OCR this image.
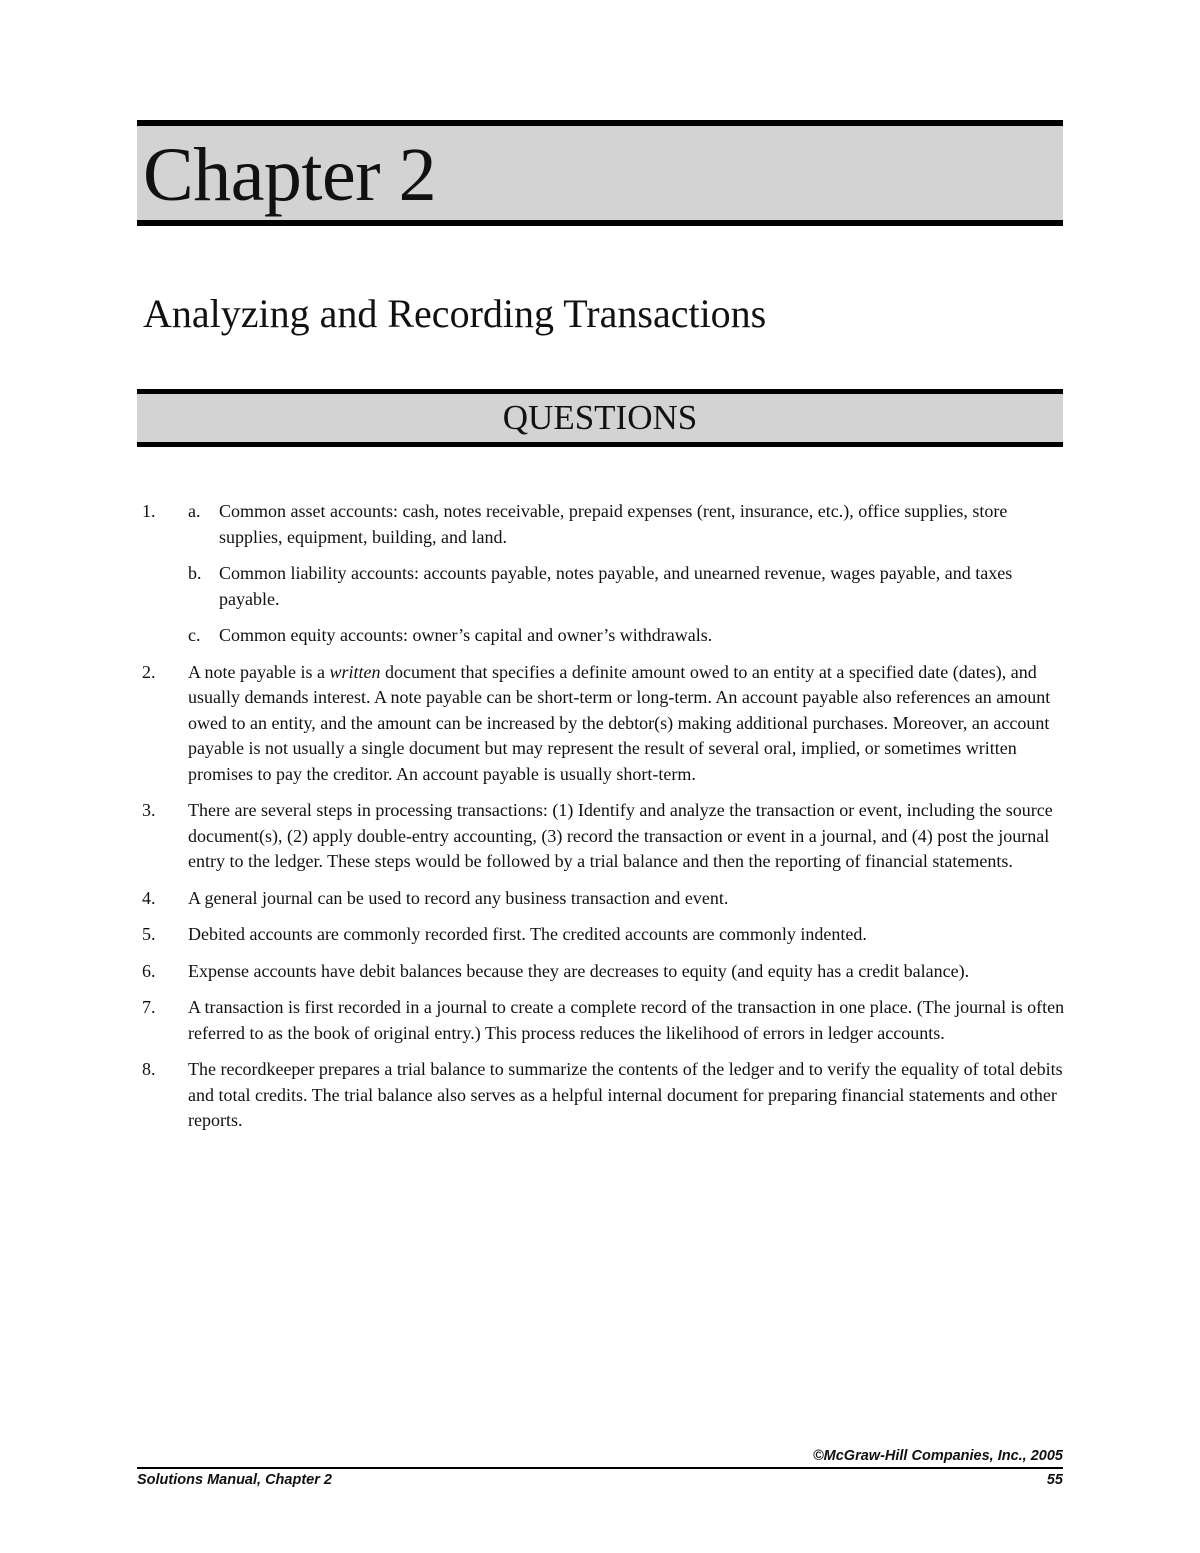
Chapter 2
Analyzing and Recording Transactions
QUESTIONS
1. a. Common asset accounts: cash, notes receivable, prepaid expenses (rent, insurance, etc.), office supplies, store supplies, equipment, building, and land.
b. Common liability accounts: accounts payable, notes payable, and unearned revenue, wages payable, and taxes payable.
c. Common equity accounts: owner’s capital and owner’s withdrawals.
2. A note payable is a written document that specifies a definite amount owed to an entity at a specified date (dates), and usually demands interest. A note payable can be short-term or long-term. An account payable also references an amount owed to an entity, and the amount can be increased by the debtor(s) making additional purchases. Moreover, an account payable is not usually a single document but may represent the result of several oral, implied, or sometimes written promises to pay the creditor. An account payable is usually short-term.
3. There are several steps in processing transactions: (1) Identify and analyze the transaction or event, including the source document(s), (2) apply double-entry accounting, (3) record the transaction or event in a journal, and (4) post the journal entry to the ledger. These steps would be followed by a trial balance and then the reporting of financial statements.
4. A general journal can be used to record any business transaction and event.
5. Debited accounts are commonly recorded first. The credited accounts are commonly indented.
6. Expense accounts have debit balances because they are decreases to equity (and equity has a credit balance).
7. A transaction is first recorded in a journal to create a complete record of the transaction in one place. (The journal is often referred to as the book of original entry.) This process reduces the likelihood of errors in ledger accounts.
8. The recordkeeper prepares a trial balance to summarize the contents of the ledger and to verify the equality of total debits and total credits. The trial balance also serves as a helpful internal document for preparing financial statements and other reports.
©McGraw-Hill Companies, Inc., 2005
Solutions Manual, Chapter 2	55
